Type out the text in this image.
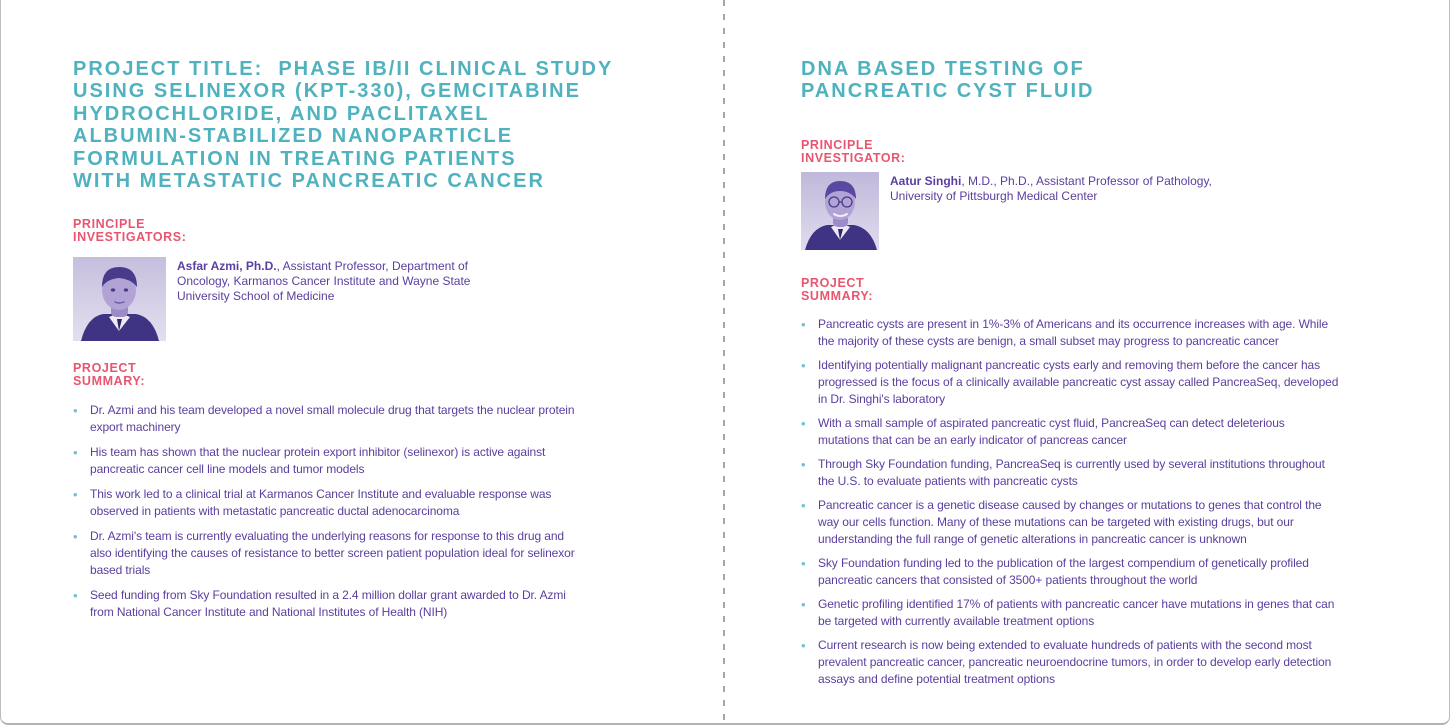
PROJECT TITLE:  PHASE IB/II CLINICAL STUDY
USING SELINEXOR (KPT-330), GEMCITABINE
HYDROCHLORIDE, AND PACLITAXEL
ALBUMIN-STABILIZED NANOPARTICLE
FORMULATION IN TREATING PATIENTS
WITH METASTATIC PANCREATIC CANCER
PRINCIPLE
INVESTIGATORS:

Asfar Azmi, Ph.D., Assistant Professor, Department of Oncology, Karmanos Cancer Institute and Wayne State University School of Medicine

PROJECT
SUMMARY:
•	Dr. Azmi and his team developed a novel small molecule drug that targets the nuclear protein export machinery
•	His team has shown that the nuclear protein export inhibitor (selinexor) is active against pancreatic cancer cell line models and tumor models
•	This work led to a clinical trial at Karmanos Cancer Institute and evaluable response was observed in patients with metastatic pancreatic ductal adenocarcinoma
•	Dr. Azmi's team is currently evaluating the underlying reasons for response to this drug and also identifying the causes of resistance to better screen patient population ideal for selinexor based trials
•	Seed funding from Sky Foundation resulted in a 2.4 million dollar grant awarded to Dr. Azmi from National Cancer Institute and National Institutes of Health (NIH)
DNA BASED TESTING OF
PANCREATIC CYST FLUID
PRINCIPLE
INVESTIGATOR:

Aatur Singhi, M.D., Ph.D., Assistant Professor of Pathology, University of Pittsburgh Medical Center

PROJECT
SUMMARY:
•	Pancreatic cysts are present in 1%-3% of Americans and its occurrence increases with age. While the majority of these cysts are benign, a small subset may progress to pancreatic cancer
•	Identifying potentially malignant pancreatic cysts early and removing them before the cancer has progressed is the focus of a clinically available pancreatic cyst assay called PancreaSeq, developed in Dr. Singhi's laboratory
•	With a small sample of aspirated pancreatic cyst fluid, PancreaSeq can detect deleterious mutations that can be an early indicator of pancreas cancer
•	Through Sky Foundation funding, PancreaSeq is currently used by several institutions throughout the U.S. to evaluate patients with pancreatic cysts
•	Pancreatic cancer is a genetic disease caused by changes or mutations to genes that control the way our cells function. Many of these mutations can be targeted with existing drugs, but our understanding the full range of genetic alterations in pancreatic cancer is unknown
•	Sky Foundation funding led to the publication of the largest compendium of genetically profiled pancreatic cancers that consisted of 3500+ patients throughout the world
•	Genetic profiling identified 17% of patients with pancreatic cancer have mutations in genes that can be targeted with currently available treatment options
•	Current research is now being extended to evaluate hundreds of patients with the second most prevalent pancreatic cancer, pancreatic neuroendocrine tumors, in order to develop early detection assays and define potential treatment options
